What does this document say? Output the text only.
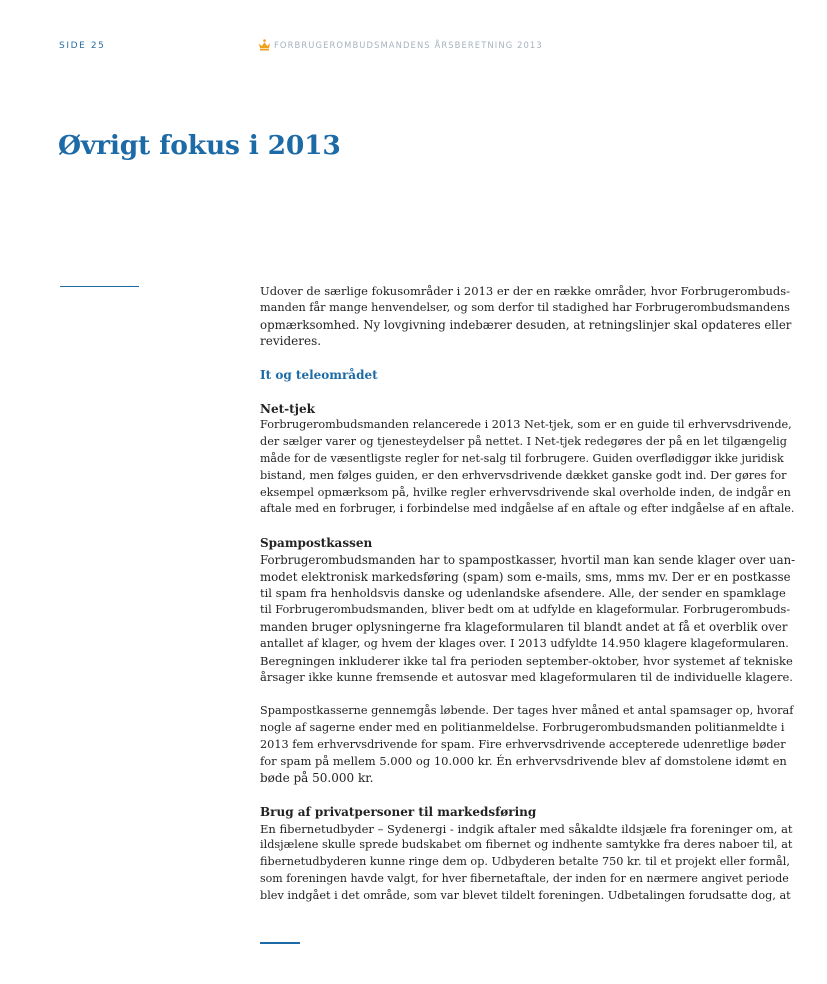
SIDE 25	FORBRUGEROMBUDSMANDENS ÅRSBERETNING 2013
Øvrigt fokus i 2013
Udover de særlige fokusområder i 2013 er der en række områder, hvor Forbrugerombuds-
manden får mange henvendelser, og som derfor til stadighed har Forbrugerombudsmandens
opmærksomhed. Ny lovgivning indebærer desuden, at retningslinjer skal opdateres eller
revideres.
It og teleområdet
Net-tjek
Forbrugerombudsmanden relancerede i 2013 Net-tjek, som er en guide til erhvervsdrivende,
der sælger varer og tjenesteydelser på nettet. I Net-tjek redegøres der på en let tilgængelig
måde for de væsentligste regler for net-salg til forbrugere. Guiden overflødiggør ikke juridisk
bistand, men følges guiden, er den erhvervsdrivende dækket ganske godt ind. Der gøres for
eksempel opmærksom på, hvilke regler erhvervsdrivende skal overholde inden, de indgår en
aftale med en forbruger, i forbindelse med indgåelse af en aftale og efter indgåelse af en aftale.
Spampostkassen
Forbrugerombudsmanden har to spampostkasser, hvortil man kan sende klager over uan-
modet elektronisk markedsføring (spam) som e-mails, sms, mms mv. Der er en postkasse
til spam fra henholdsvis danske og udenlandske afsendere. Alle, der sender en spamklage
til Forbrugerombudsmanden, bliver bedt om at udfylde en klageformular. Forbrugerombuds-
manden bruger oplysningerne fra klageformularen til blandt andet at få et overblik over
antallet af klager, og hvem der klages over. I 2013 udfyldte 14.950 klagere klageformularen.
Beregningen inkluderer ikke tal fra perioden september-oktober, hvor systemet af tekniske
årsager ikke kunne fremsende et autosvar med klageformularen til de individuelle klagere.
Spampostkasserne gennemgås løbende. Der tages hver måned et antal spamsager op, hvoraf
nogle af sagerne ender med en politianmeldelse. Forbrugerombudsmanden politianmeldte i
2013 fem erhvervsdrivende for spam. Fire erhvervsdrivende accepterede udenretlige bøder
for spam på mellem 5.000 og 10.000 kr. Én erhvervsdrivende blev af domstolene idømt en
bøde på 50.000 kr.
Brug af privatpersoner til markedsføring
En fibernetudbyder – Sydenergi - indgik aftaler med såkaldte ildsjæle fra foreninger om, at
ildsjælene skulle sprede budskabet om fibernet og indhente samtykke fra deres naboer til, at
fibernetudbyderen kunne ringe dem op. Udbyderen betalte 750 kr. til et projekt eller formål,
som foreningen havde valgt, for hver fibernetaftale, der inden for en nærmere angivet periode
blev indgået i det område, som var blevet tildelt foreningen. Udbetalingen forudsatte dog, at
